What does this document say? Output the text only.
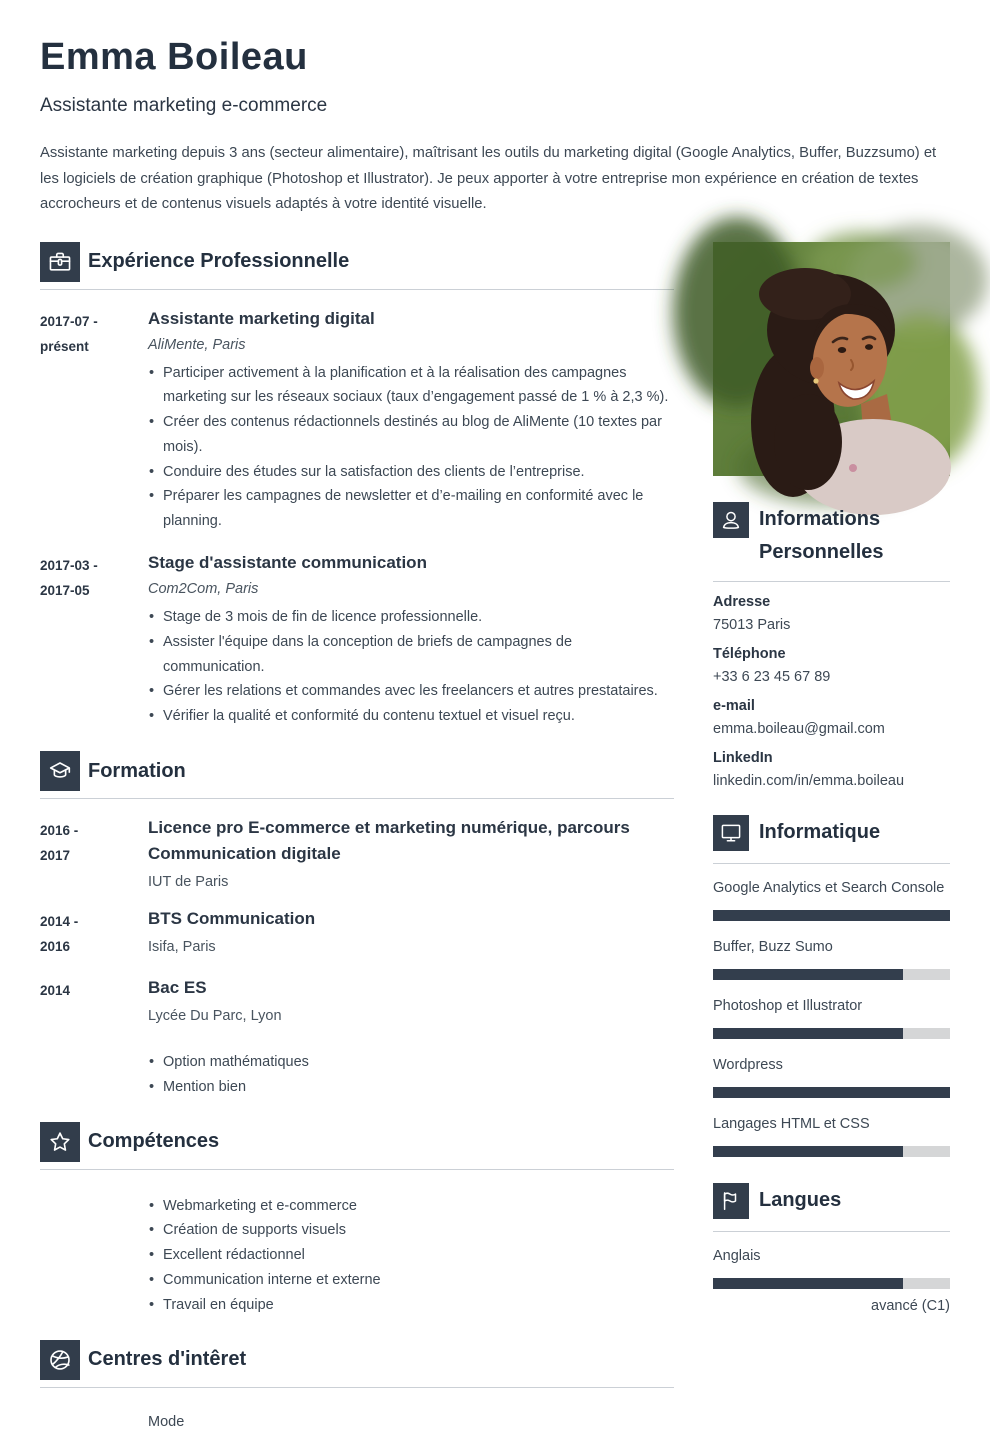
Emma Boileau
Assistante marketing e-commerce
Assistante marketing depuis 3 ans (secteur alimentaire), maîtrisant les outils du marketing digital (Google Analytics, Buffer, Buzzsumo) et les logiciels de création graphique (Photoshop et Illustrator). Je peux apporter à votre entreprise mon expérience en création de textes accrocheurs et de contenus visuels adaptés à votre identité visuelle.
Expérience Professionnelle
2017-07 -
présent
Assistante marketing digital
AliMente, Paris
• Participer activement à la planification et à la réalisation des campagnes marketing sur les réseaux sociaux (taux d’engagement passé de 1 % à 2,3 %).
• Créer des contenus rédactionnels destinés au blog de AliMente (10 textes par mois).
• Conduire des études sur la satisfaction des clients de l’entreprise.
• Préparer les campagnes de newsletter et d’e-mailing en conformité avec le planning.
2017-03 -
2017-05
Stage d'assistante communication
Com2Com, Paris
• Stage de 3 mois de fin de licence professionnelle.
• Assister l'équipe dans la conception de briefs de campagnes de communication.
• Gérer les relations et commandes avec les freelancers et autres prestataires.
• Vérifier la qualité et conformité du contenu textuel et visuel reçu.
Formation
2016 -
2017
Licence pro E-commerce et marketing numérique, parcours Communication digitale
IUT de Paris
2014 -
2016
BTS Communication
Isifa, Paris
2014	Bac ES
Lycée Du Parc, Lyon
• Option mathématiques
• Mention bien
Compétences
• Webmarketing et e-commerce
• Création de supports visuels
• Excellent rédactionnel
• Communication interne et externe
• Travail en équipe
Centres d'intêret
Mode
Informations Personnelles
Adresse
75013 Paris
Téléphone
+33 6 23 45 67 89
e-mail
emma.boileau@gmail.com
LinkedIn
linkedin.com/in/emma.boileau
Informatique
Google Analytics et Search Console
Buffer, Buzz Sumo
Photoshop et Illustrator
Wordpress
Langages HTML et CSS
Langues
Anglais
avancé (C1)
